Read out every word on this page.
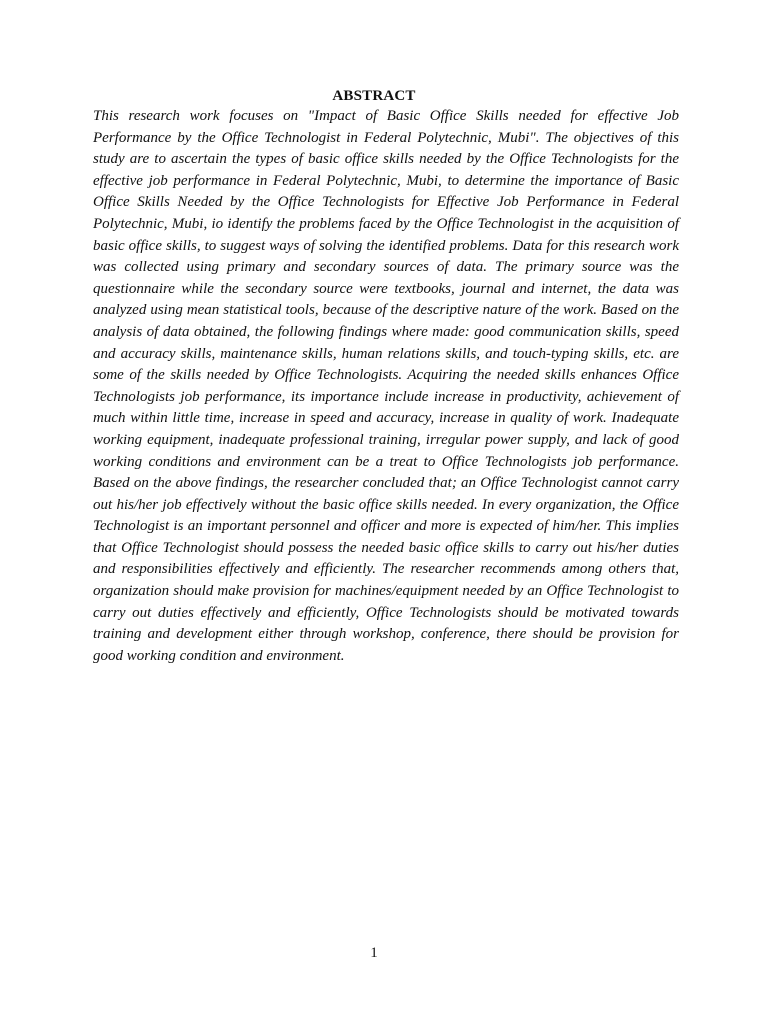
ABSTRACT

This research work focuses on "Impact of Basic Office Skills needed for effective Job Performance by the Office Technologist in Federal Polytechnic, Mubi". The objectives of this study are to ascertain the types of basic office skills needed by the Office Technologists for the effective job performance in Federal Polytechnic, Mubi, to determine the importance of Basic Office Skills Needed by the Office Technologists for Effective Job Performance in Federal Polytechnic, Mubi, io identify the problems faced by the Office Technologist in the acquisition of basic office skills, to suggest ways of solving the identified problems. Data for this research work was collected using primary and secondary sources of data. The primary source was the questionnaire while the secondary source were textbooks, journal and internet, the data was analyzed using mean statistical tools, because of the descriptive nature of the work. Based on the analysis of data obtained, the following findings where made: good communication skills, speed and accuracy skills, maintenance skills, human relations skills, and touch-typing skills, etc. are some of the skills needed by Office Technologists. Acquiring the needed skills enhances Office Technologists job performance, its importance include increase in productivity, achievement of much within little time, increase in speed and accuracy, increase in quality of work. Inadequate working equipment, inadequate professional training, irregular power supply, and lack of good working conditions and environment can be a treat to Office Technologists job performance. Based on the above findings, the researcher concluded that; an Office Technologist cannot carry out his/her job effectively without the basic office skills needed. In every organization, the Office Technologist is an important personnel and officer and more is expected of him/her. This implies that Office Technologist should possess the needed basic office skills to carry out his/her duties and responsibilities effectively and efficiently. The researcher recommends among others that, organization should make provision for machines/equipment needed by an Office Technologist to carry out duties effectively and efficiently, Office Technologists should be motivated towards training and development either through workshop, conference, there should be provision for good working condition and environment.

1
